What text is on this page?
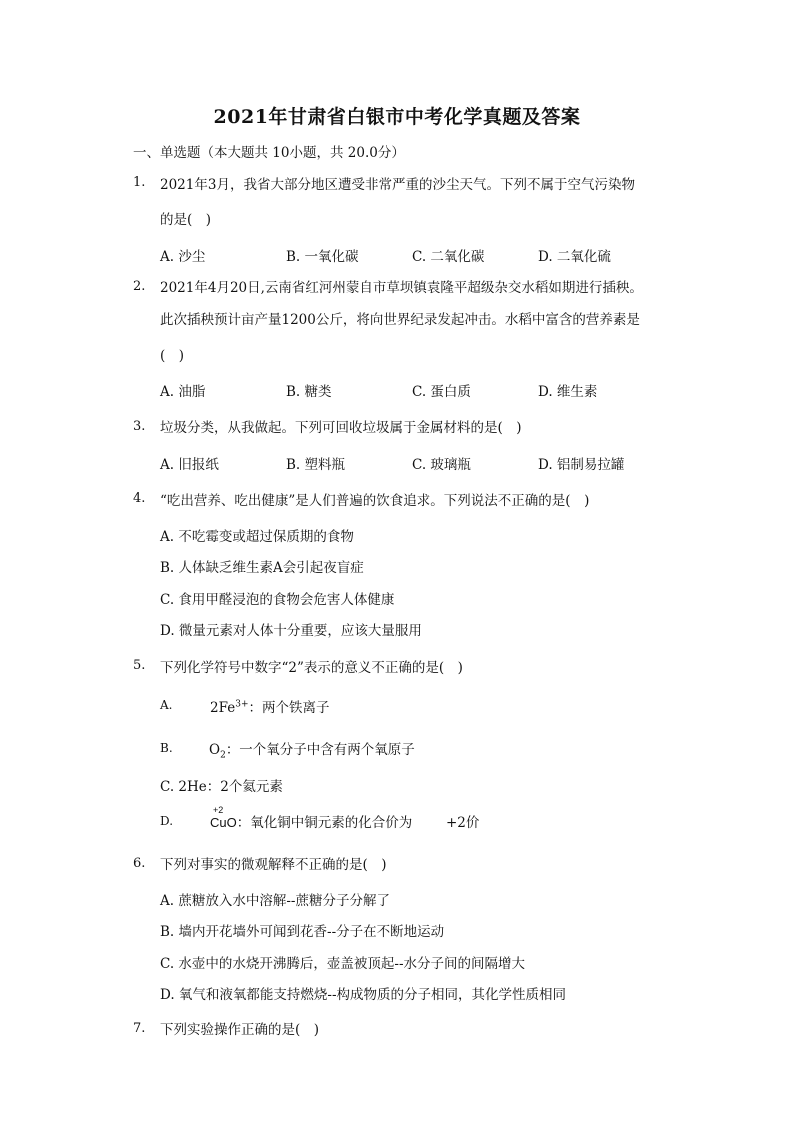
2021年甘肃省白银市中考化学真题及答案
一、单选题（本大题共 10小题，共 20.0分）
1. 2021年3月，我省大部分地区遭受非常严重的沙尘天气。下列不属于空气污染物
的是(　)
A. 沙尘	B. 一氧化碳	C. 二氧化碳	D. 二氧化硫
2. 2021年4月20日,云南省红河州蒙自市草坝镇袁隆平超级杂交水稻如期进行插秧。
此次插秧预计亩产量1200公斤，将向世界纪录发起冲击。水稻中富含的营养素是
(　)
A. 油脂	B. 糖类	C. 蛋白质	D. 维生素
3. 垃圾分类，从我做起。下列可回收垃圾属于金属材料的是(　)
A. 旧报纸	B. 塑料瓶	C. 玻璃瓶	D. 铝制易拉罐
4. “吃出营养、吃出健康”是人们普遍的饮食追求。下列说法不正确的是(　)
A. 不吃霉变或超过保质期的食物
B. 人体缺乏维生素A会引起夜盲症
C. 食用甲醛浸泡的食物会危害人体健康
D. 微量元素对人体十分重要，应该大量服用
5. 下列化学符号中数字“2”表示的意义不正确的是(　)
A.	$2Fe^{3+}$：两个铁离子
B.	$O_2$：一个氧分子中含有两个氧原子
C. 2He：2个氦元素
D.
+2
CuO：氧化铜中铜元素的化合价为	+2价
6. 下列对事实的微观解释不正确的是(　)
A. 蔗糖放入水中溶解--蔗糖分子分解了
B. 墙内开花墙外可闻到花香--分子在不断地运动
C. 水壶中的水烧开沸腾后，壶盖被顶起--水分子间的间隔增大
D. 氧气和液氧都能支持燃烧--构成物质的分子相同，其化学性质相同
7. 下列实验操作正确的是(　)
